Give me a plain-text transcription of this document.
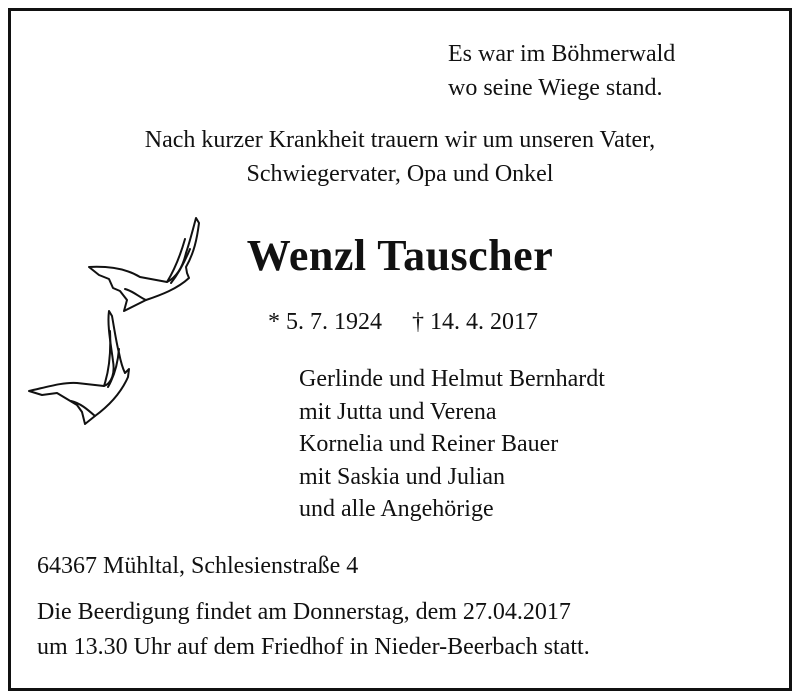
Es war im Böhmerwald
wo seine Wiege stand.
Nach kurzer Krankheit trauern wir um unseren Vater,
Schwiegervater, Opa und Onkel
Wenzl Tauscher
* 5. 7. 1924 † 14. 4. 2017
Gerlinde und Helmut Bernhardt
mit Jutta und Verena
Kornelia und Reiner Bauer
mit Saskia und Julian
und alle Angehörige
64367 Mühltal, Schlesienstraße 4
Die Beerdigung findet am Donnerstag, dem 27.04.2017
um 13.30 Uhr auf dem Friedhof in Nieder-Beerbach statt.
